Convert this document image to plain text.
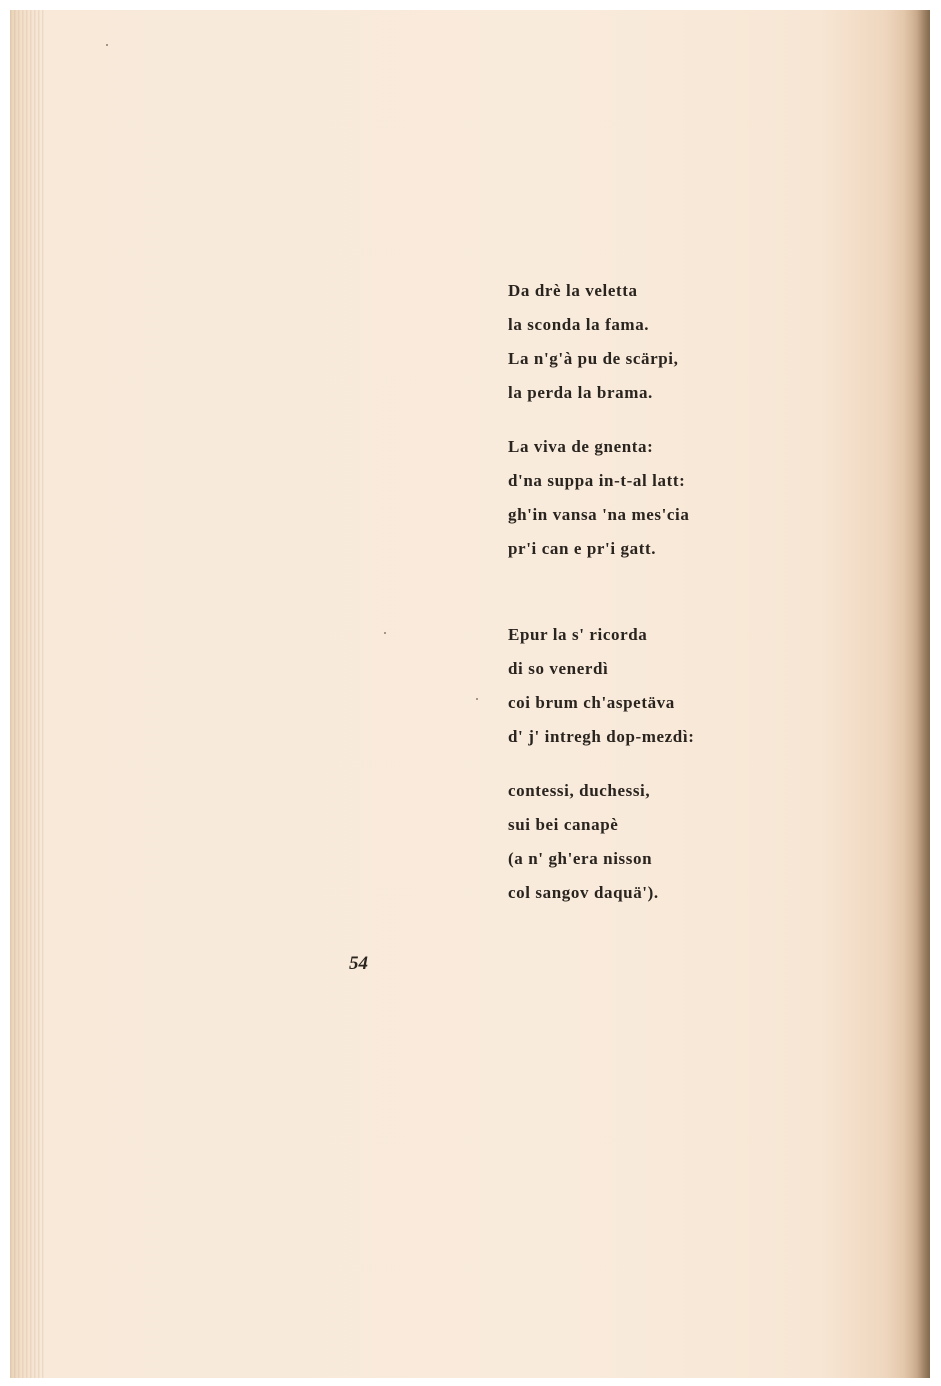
Da drè la veletta
la sconda la fama.
La n'g'à pu de scärpi,
la perda la brama.
La viva de gnenta:
d'na suppa in-t-al latt:
gh'in vansa 'na mes'cia
pr'i can e pr'i gatt.
Epur la s' ricorda
di so venerdì
coi brum ch'aspetäva
d' j' intregh dop-mezdì:
contessi, duchessi,
sui bei canapè
(a n' gh'era nisson
col sangov daquä').
54
